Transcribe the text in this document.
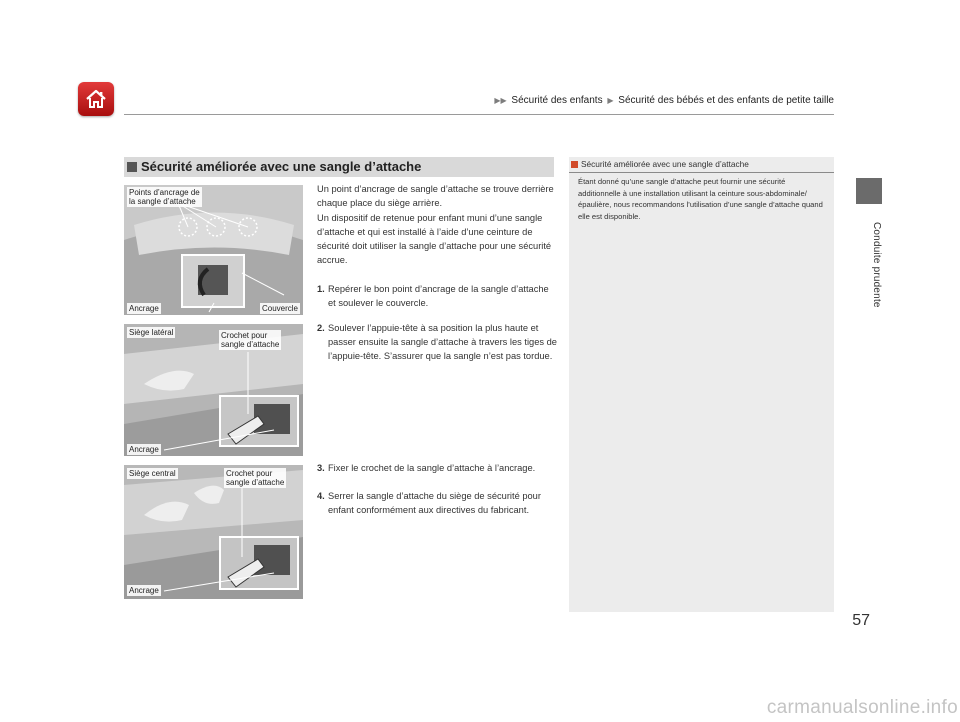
▶▶ Sécurité des enfants ▶ Sécurité des bébés et des enfants de petite taille
Conduite prudente
57
Sécurité améliorée avec une sangle d’attache
Points d’ancrage de
la sangle d’attache
Ancrage	Couvercle
Siège latéral	Crochet pour
sangle d’attache
Ancrage
Siège central	Crochet pour
sangle d’attache
Ancrage
Un point d’ancrage de sangle d’attache se trouve derrière chaque place du siège arrière.
Un dispositif de retenue pour enfant muni d’une sangle d’attache et qui est installé à l’aide d’une ceinture de sécurité doit utiliser la sangle d’attache pour une sécurité accrue.
1. Repérer le bon point d’ancrage de la sangle d’attache et soulever le couvercle.
2. Soulever l’appuie-tête à sa position la plus haute et passer ensuite la sangle d’attache à travers les tiges de l’appuie-tête. S’assurer que la sangle n’est pas tordue.
3. Fixer le crochet de la sangle d’attache à l’ancrage.
4. Serrer la sangle d’attache du siège de sécurité pour enfant conformément aux directives du fabricant.
Sécurité améliorée avec une sangle d’attache
Étant donné qu’une sangle d’attache peut fournir une sécurité additionnelle à une installation utilisant la ceinture sous-abdominale/épaulière, nous recommandons l’utilisation d’une sangle d’attache quand elle est disponible.
carmanualsonline.info
